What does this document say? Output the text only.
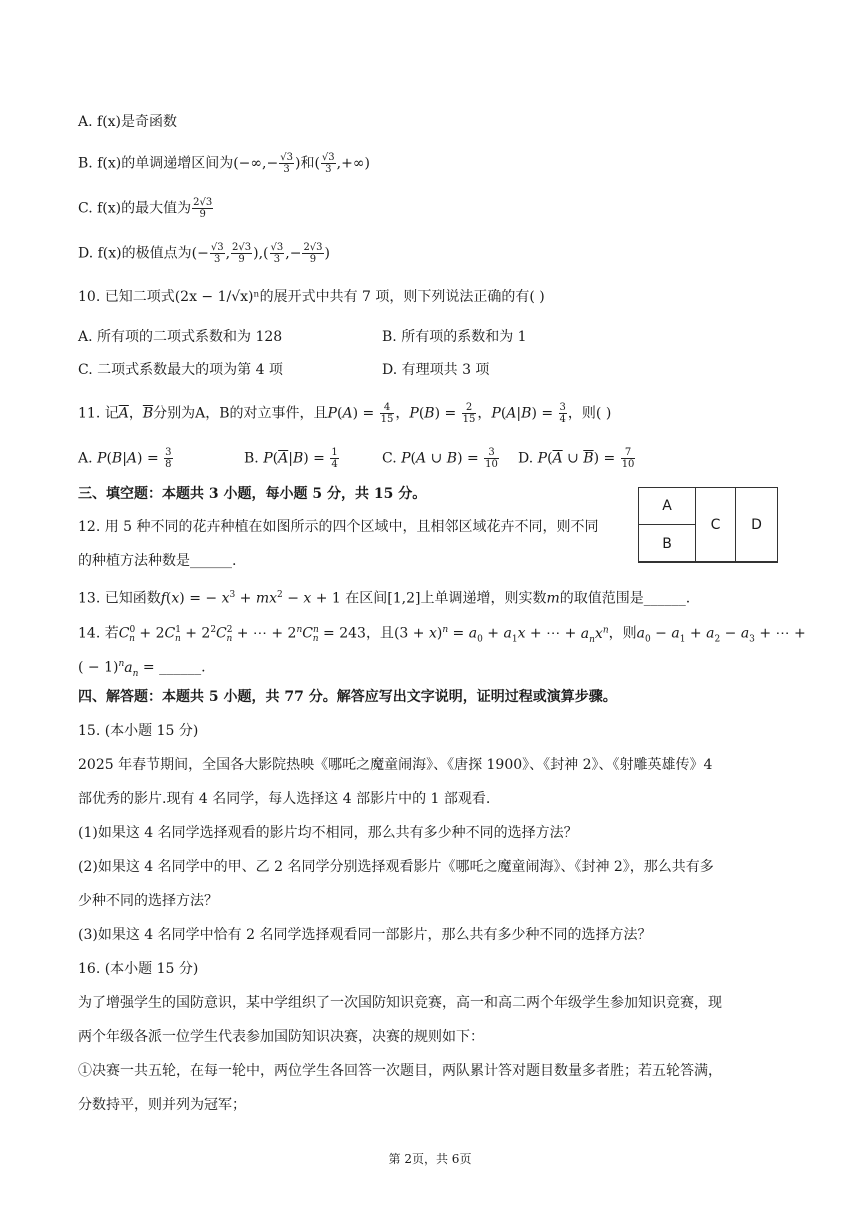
A. f(x)是奇函数
B. f(x)的单调递增区间为(−∞,− $\frac{√3}{3}$ )和( $\frac{√3}{3}$ ,+∞)
C. f(x)的最大值为 $\frac{2√3}{9}$
D. f(x)的极值点为(− $\frac{√3}{3}$ , $\frac{2√3}{9}$ ),( $\frac{√3}{3}$ ,− $\frac{2√3}{9}$ )
10. 已知二项式(2x − 1/√x)ⁿ的展开式中共有 7 项，则下列说法正确的有( )
A. 所有项的二项式系数和为 128	B. 所有项的系数和为 1
C. 二项式系数最大的项为第 4 项	D. 有理项共 3 项
11. 记$\overline{A}$，$\overline{B}$分别为A，B的对立事件，且$P(A) = \frac{4}{15}$ ，$P(B) = \frac{2}{15}$ ，$P(A|B) = \frac{3}{4}$ ，则( )
A. $P(B|A) = \frac{3}{8}$	B. $P(\overline{A}|B) = \frac{1}{4}$	C. P(A ∪ $B) = \frac{3}{10} D$. $P(\overline{A}$ ∪ $\overline{B}) = \frac{7}{10}$
三、填空题：本题共 3 小题，每小题 5 分，共 15 分。
12. 用 5 种不同的花卉种植在如图所示的四个区域中，且相邻区域花卉不同，则不同
的种植方法种数是______.
A
B
C	D
13. 已知函数f(x) = − $x^3 + mx^2 - x + 1$ 在区间[1,2]上单调递增，则实数m的取值范围是______.
14. 若$C^0_n + 2C^1_n + 2^2C^2_n$ + ⋯ + $2^nC^n_n = 243$，且$(3 + x)^n = a_0 + a_1x$ + ⋯ + $a_nx^n$，则$a_0 - a_1 + a_2 - a_3$ + ⋯ +
( − $1)^na_n$ = ______.
四、解答题：本题共 5 小题，共 77 分。解答应写出文字说明，证明过程或演算步骤。
15. (本小题 15 分)
2025 年春节期间，全国各大影院热映《哪吒之魔童闹海》、《唐探 1900》、《封神 2》、《射雕英雄传》4
部优秀的影片.现有 4 名同学，每人选择这 4 部影片中的 1 部观看.
(1)如果这 4 名同学选择观看的影片均不相同，那么共有多少种不同的选择方法？
(2)如果这 4 名同学中的甲、乙 2 名同学分别选择观看影片《哪吒之魔童闹海》、《封神 2》，那么共有多
少种不同的选择方法？
(3)如果这 4 名同学中恰有 2 名同学选择观看同一部影片，那么共有多少种不同的选择方法？
16. (本小题 15 分)
为了增强学生的国防意识，某中学组织了一次国防知识竞赛，高一和高二两个年级学生参加知识竞赛，现
两个年级各派一位学生代表参加国防知识决赛，决赛的规则如下：
①决赛一共五轮，在每一轮中，两位学生各回答一次题目，两队累计答对题目数量多者胜；若五轮答满，
分数持平，则并列为冠军；
第 2页，共 6页
